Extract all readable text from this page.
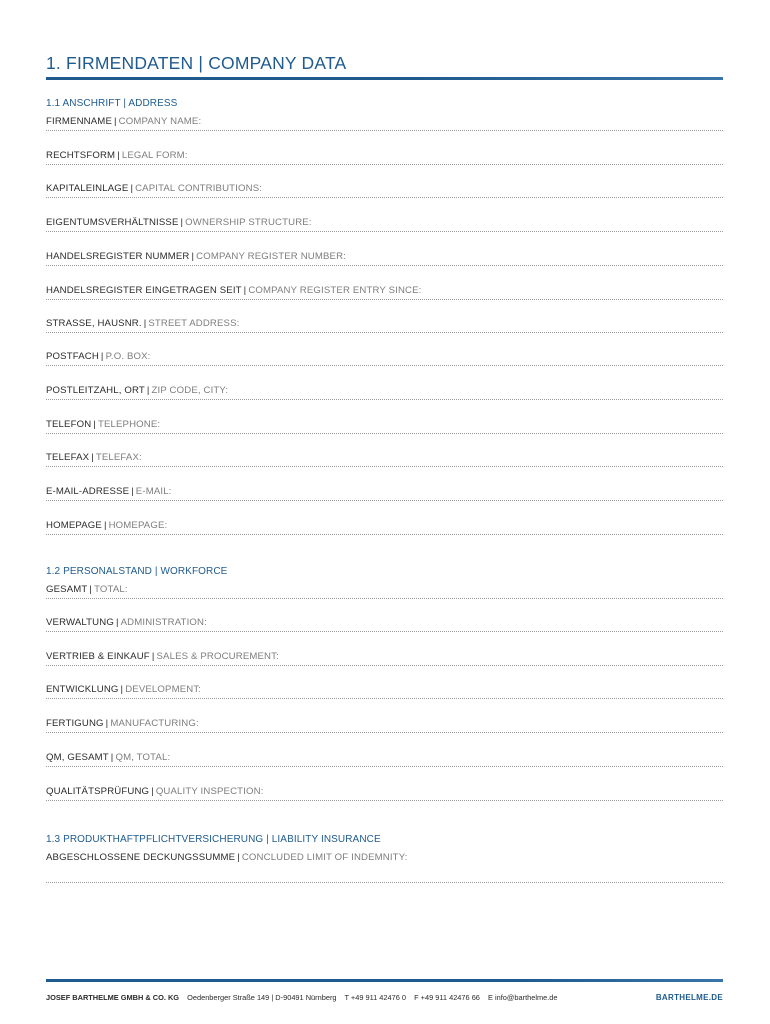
1. FIRMENDATEN | COMPANY DATA
1.1 ANSCHRIFT | ADDRESS
FIRMENNAME | COMPANY NAME:
RECHTSFORM | LEGAL FORM:
KAPITALEINLAGE | CAPITAL CONTRIBUTIONS:
EIGENTUMSVERHÄLTNISSE | OWNERSHIP STRUCTURE:
HANDELSREGISTER NUMMER | COMPANY REGISTER NUMBER:
HANDELSREGISTER EINGETRAGEN SEIT | COMPANY REGISTER ENTRY SINCE:
STRASSE, HAUSNR. | STREET ADDRESS:
POSTFACH | P.O. BOX:
POSTLEITZAHL, ORT | ZIP CODE, CITY:
TELEFON | TELEPHONE:
TELEFAX | TELEFAX:
E-MAIL-ADRESSE | E-MAIL:
HOMEPAGE | HOMEPAGE:
1.2 PERSONALSTAND | WORKFORCE
GESAMT | TOTAL:
VERWALTUNG | ADMINISTRATION:
VERTRIEB & EINKAUF | SALES & PROCUREMENT:
ENTWICKLUNG | DEVELOPMENT:
FERTIGUNG | MANUFACTURING:
QM, GESAMT | QM, TOTAL:
QUALITÄTSPRÜFUNG | QUALITY INSPECTION:
1.3 PRODUKTHAFTPFLICHTVERSICHERUNG | LIABILITY INSURANCE
ABGESCHLOSSENE DECKUNGSSUMME | CONCLUDED LIMIT OF INDEMNITY:
JOSEF BARTHELME GMBH & CO. KG Oedenberger Straße 149 | D-90491 Nürnberg T +49 911 42476 0 F +49 911 42476 66 E info@barthelme.de	BARTHELME.DE
